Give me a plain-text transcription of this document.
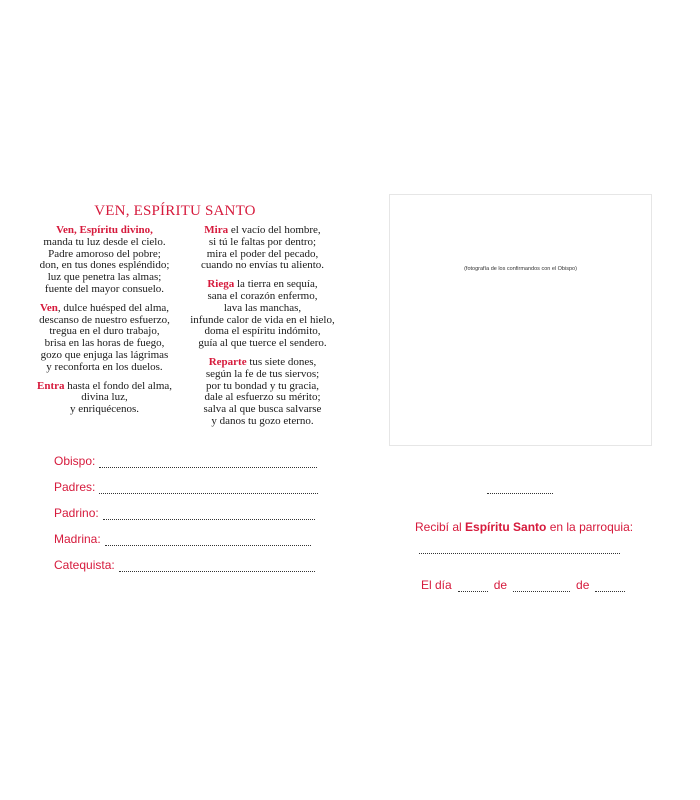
VEN, ESPÍRITU SANTO
Ven, Espíritu divino,
manda tu luz desde el cielo.
Padre amoroso del pobre;
don, en tus dones espléndido;
luz que penetra las almas;
fuente del mayor consuelo.
Ven, dulce huésped del alma,
descanso de nuestro esfuerzo,
tregua en el duro trabajo,
brisa en las horas de fuego,
gozo que enjuga las lágrimas
y reconforta en los duelos.
Entra hasta el fondo del alma,
divina luz,
y enriquécenos.
Mira el vacío del hombre,
si tú le faltas por dentro;
mira el poder del pecado,
cuando no envías tu aliento.
Riega la tierra en sequía,
sana el corazón enfermo,
lava las manchas,
infunde calor de vida en el hielo,
doma el espíritu indómito,
guía al que tuerce el sendero.
Reparte tus siete dones,
según la fe de tus siervos;
por tu bondad y tu gracia,
dale al esfuerzo su mérito;
salva al que busca salvarse
y danos tu gozo eterno.
Obispo:
Padres:
Padrino:
Madrina:
Catequista:
(fotografía de los confirmandos con el Obispo)
Recibí al Espíritu Santo en la parroquia:
El día	de	de
